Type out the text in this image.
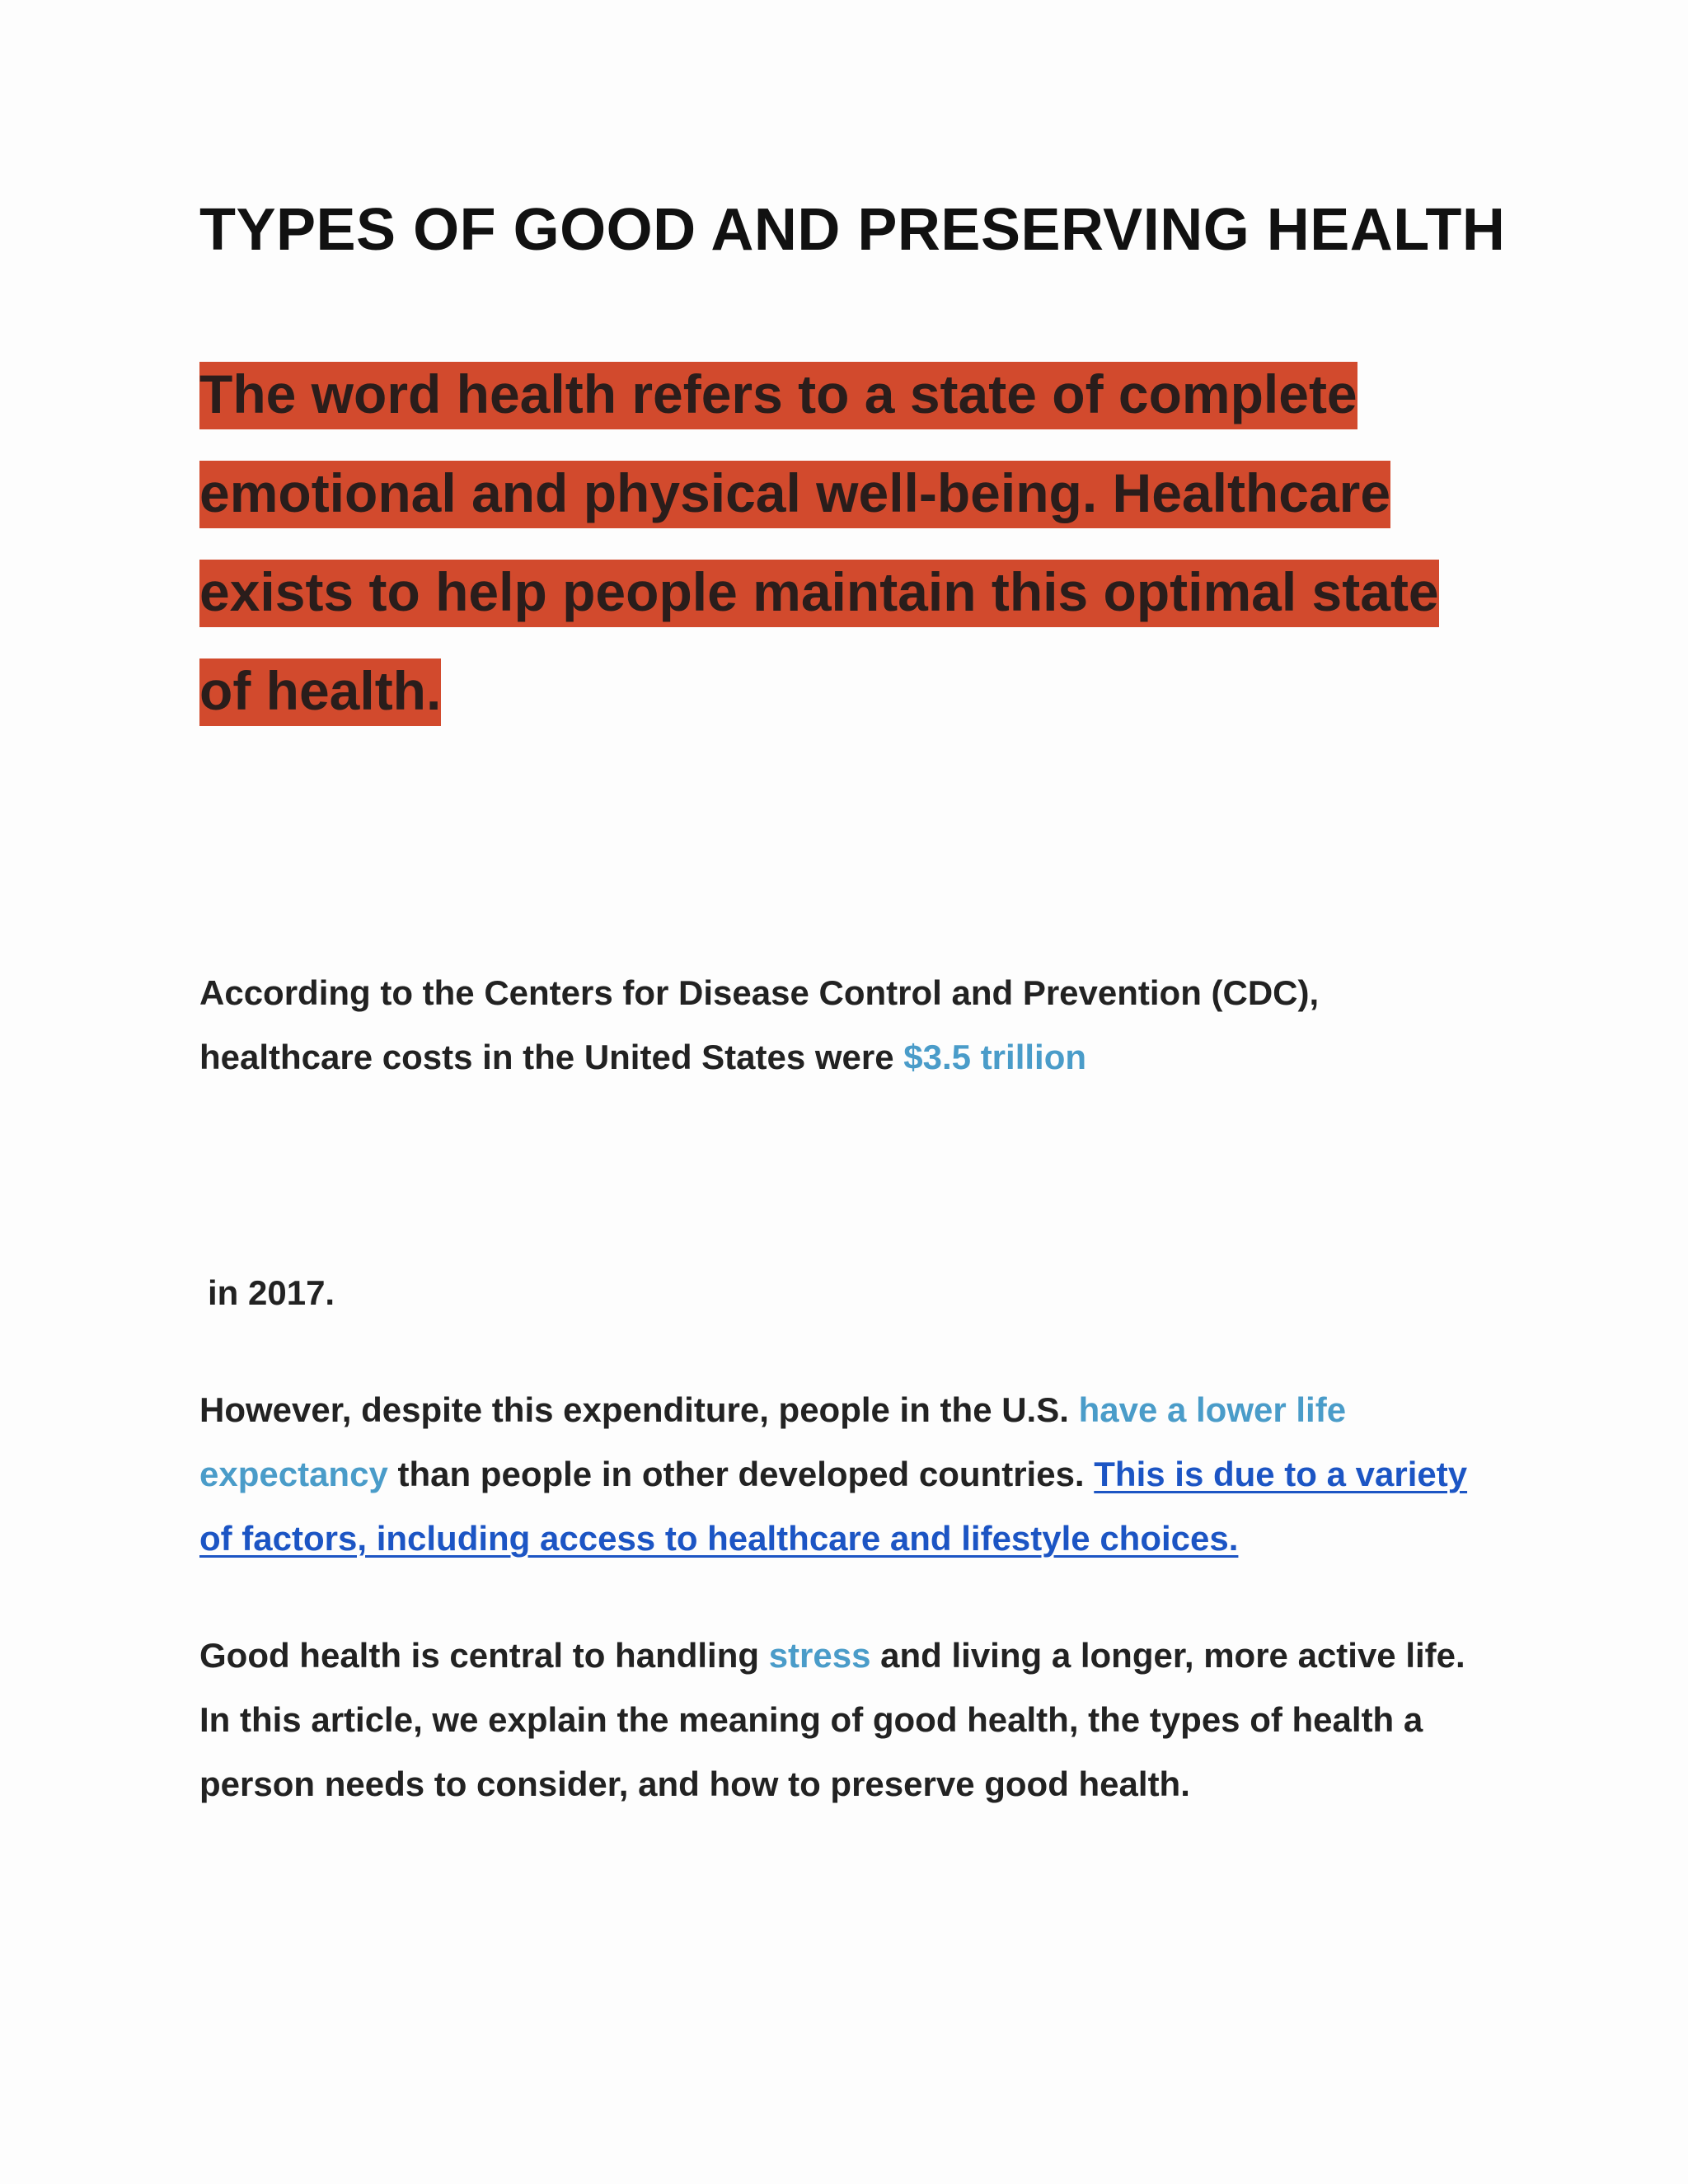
TYPES OF GOOD AND PRESERVING HEALTH

The word health refers to a state of complete emotional and physical well-being. Healthcare exists to help people maintain this optimal state of health.

According to the Centers for Disease Control and Prevention (CDC), healthcare costs in the United States were $3.5 trillion

in 2017.

However, despite this expenditure, people in the U.S. have a lower life expectancy than people in other developed countries. This is due to a variety of factors, including access to healthcare and lifestyle choices.

Good health is central to handling stress and living a longer, more active life. In this article, we explain the meaning of good health, the types of health a person needs to consider, and how to preserve good health.
